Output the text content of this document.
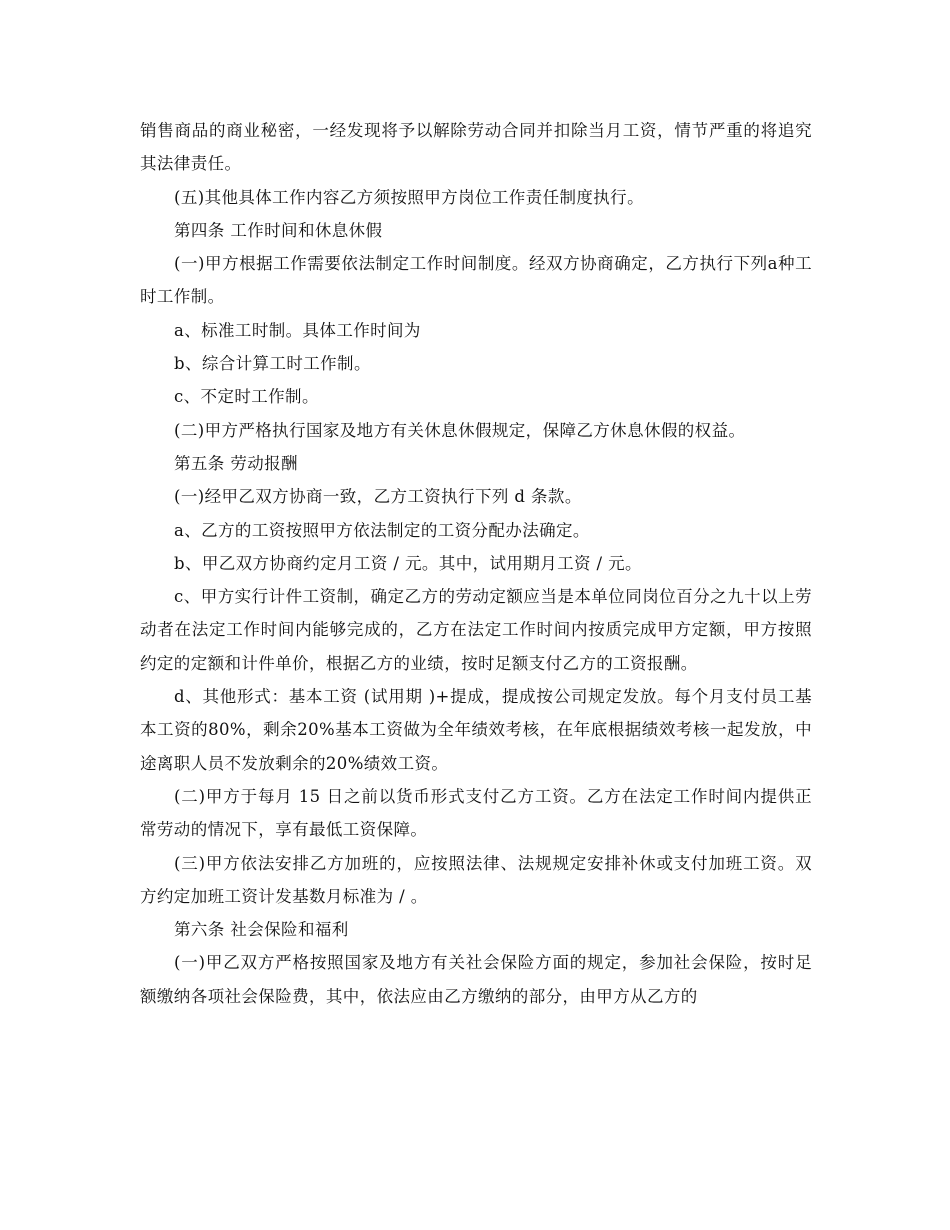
销售商品的商业秘密，一经发现将予以解除劳动合同并扣除当月工资，情节严重的将追究其法律责任。

(五)其他具体工作内容乙方须按照甲方岗位工作责任制度执行。

第四条 工作时间和休息休假

(一)甲方根据工作需要依法制定工作时间制度。经双方协商确定，乙方执行下列a种工时工作制。

a、标准工时制。具体工作时间为

b、综合计算工时工作制。

c、不定时工作制。

(二)甲方严格执行国家及地方有关休息休假规定，保障乙方休息休假的权益。

第五条 劳动报酬

(一)经甲乙双方协商一致，乙方工资执行下列 d 条款。

a、乙方的工资按照甲方依法制定的工资分配办法确定。

b、甲乙双方协商约定月工资 / 元。其中，试用期月工资 / 元。

c、甲方实行计件工资制，确定乙方的劳动定额应当是本单位同岗位百分之九十以上劳动者在法定工作时间内能够完成的，乙方在法定工作时间内按质完成甲方定额，甲方按照约定的定额和计件单价，根据乙方的业绩，按时足额支付乙方的工资报酬。

d、其他形式：基本工资 (试用期 )+提成，提成按公司规定发放。每个月支付员工基本工资的80%，剩余20%基本工资做为全年绩效考核，在年底根据绩效考核一起发放，中途离职人员不发放剩余的20%绩效工资。

(二)甲方于每月 15 日之前以货币形式支付乙方工资。乙方在法定工作时间内提供正常劳动的情况下，享有最低工资保障。

(三)甲方依法安排乙方加班的，应按照法律、法规规定安排补休或支付加班工资。双方约定加班工资计发基数月标准为 / 。

第六条 社会保险和福利

(一)甲乙双方严格按照国家及地方有关社会保险方面的规定，参加社会保险，按时足额缴纳各项社会保险费，其中，依法应由乙方缴纳的部分，由甲方从乙方的
